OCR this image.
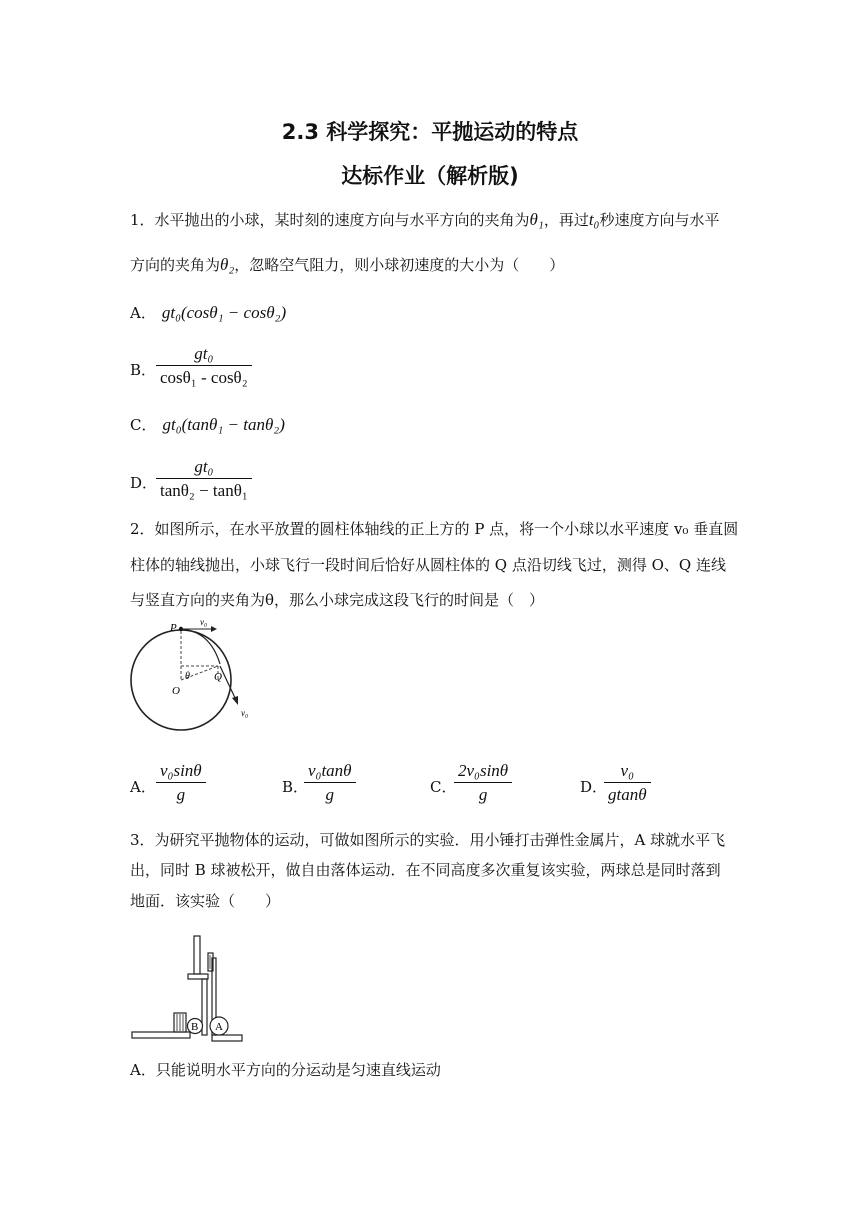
2.3 科学探究：平抛运动的特点
达标作业（解析版)
1．水平抛出的小球，某时刻的速度方向与水平方向的夹角为θ₁，再过t₀秒速度方向与水平
方向的夹角为θ₂，忽略空气阻力，则小球初速度的大小为（　　）
A． gt₀(cosθ₁ − cosθ₂)
B． $\frac{\text{gt₀}}{\text{cosθ₁ - cosθ₂}}$
C． gt₀(tanθ₁ − tanθ₂)
D．
$\frac{\text{gt₀}}{\text{tanθ₂ − tanθ₁}}$
2．如图所示，在水平放置的圆柱体轴线的正上方的 P 点，将一个小球以水平速度 v₀ 垂直圆
柱体的轴线抛出，小球飞行一段时间后恰好从圆柱体的 Q 点沿切线飞过，测得 O、Q 连线
与竖直方向的夹角为θ，那么小球完成这段飞行的时间是（　）
P	v₀
θ Q
O
v₀
A． $\frac{\text{v₀sinθ}}{g}$	B．
$\frac{\text{v₀tanθ}}{g}$	C．
$\frac{\text{2v₀sinθ}}{g}$	D．
$\frac{\text{v₀}}{gtan\theta}$
3．为研究平抛物体的运动，可做如图所示的实验．用小锤打击弹性金属片，A 球就水平飞
出，同时 B 球被松开，做自由落体运动．在不同高度多次重复该实验，两球总是同时落到
地面．该实验（　　）
B A
A．只能说明水平方向的分运动是匀速直线运动
